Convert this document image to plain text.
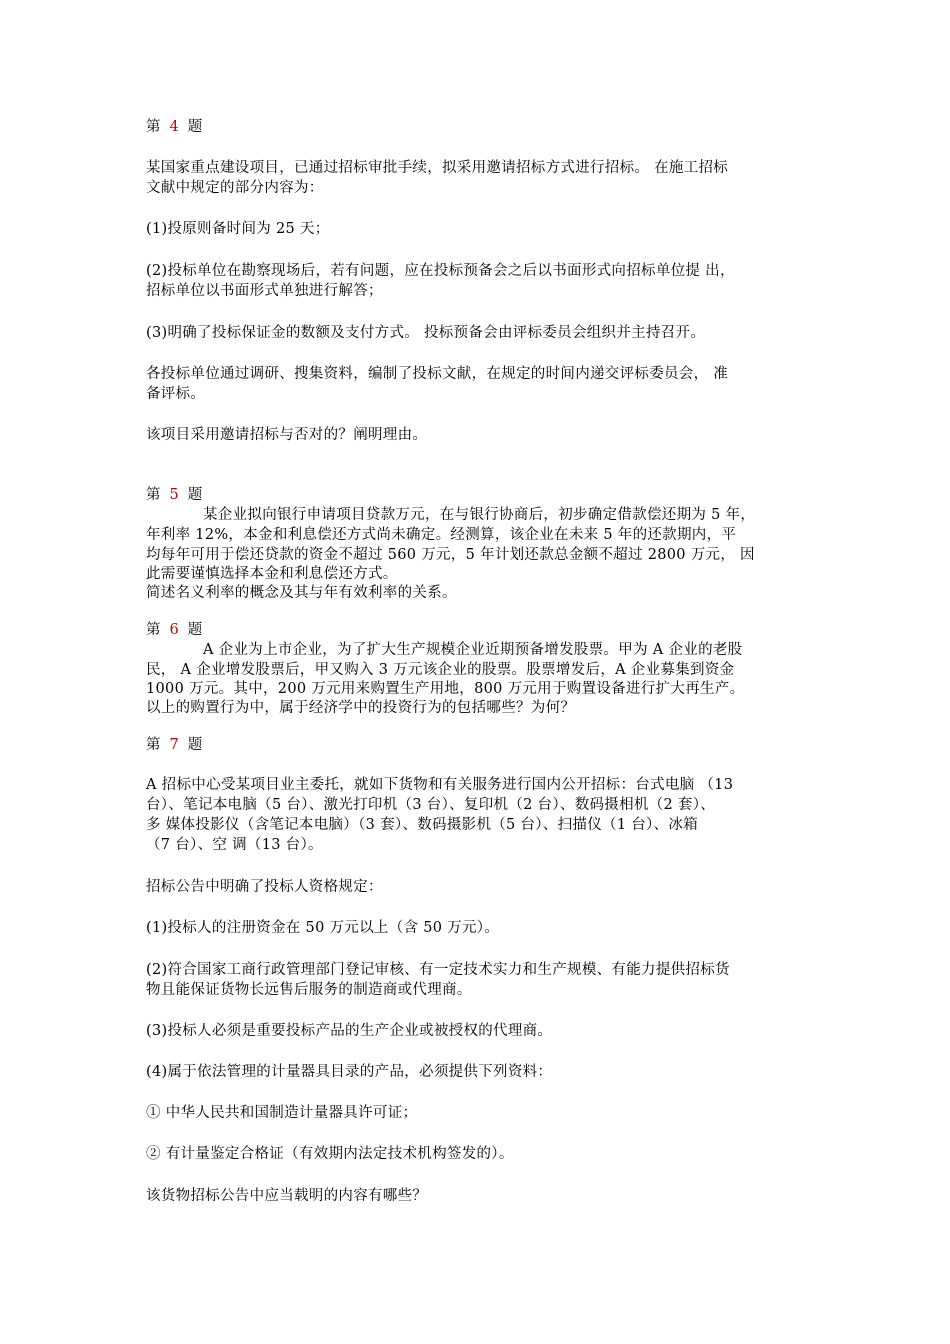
第 4 题
某国家重点建设项目，已通过招标审批手续，拟采用邀请招标方式进行招标。 在施工招标
文献中规定的部分内容为：
(1)投原则备时间为 25 天；
(2)投标单位在勘察现场后，若有问题，应在投标预备会之后以书面形式向招标单位提 出，
招标单位以书面形式单独进行解答；
(3)明确了投标保证金的数额及支付方式。 投标预备会由评标委员会组织并主持召开。
各投标单位通过调研、搜集资料，编制了投标文献，在规定的时间内递交评标委员会， 准
备评标。
该项目采用邀请招标与否对的？阐明理由。
第 5 题
某企业拟向银行申请项目贷款万元，在与银行协商后，初步确定借款偿还期为 5 年，
年利率 12%，本金和利息偿还方式尚未确定。经测算，该企业在未来 5 年的还款期内，平
均每年可用于偿还贷款的资金不超过 560 万元，5 年计划还款总金额不超过 2800 万元， 因
此需要谨慎选择本金和利息偿还方式。
简述名义利率的概念及其与年有效利率的关系。
第 6 题
A 企业为上市企业，为了扩大生产规模企业近期预备增发股票。甲为 A 企业的老股
民， A 企业增发股票后，甲又购入 3 万元该企业的股票。股票增发后，A 企业募集到资金
1000 万元。其中，200 万元用来购置生产用地，800 万元用于购置设备进行扩大再生产。
以上的购置行为中，属于经济学中的投资行为的包括哪些？为何？
第 7 题
A 招标中心受某项目业主委托，就如下货物和有关服务进行国内公开招标：台式电脑 （13
台）、笔记本电脑（5 台）、激光打印机（3 台）、复印机（2 台）、数码摄相机（2 套）、
多 媒体投影仪（含笔记本电脑）（3 套）、数码摄影机（5 台）、扫描仪（1 台）、冰箱
（7 台）、空 调（13 台）。
招标公告中明确了投标人资格规定：
(1)投标人的注册资金在 50 万元以上（含 50 万元）。
(2)符合国家工商行政管理部门登记审核、有一定技术实力和生产规模、有能力提供招标货
物且能保证货物长远售后服务的制造商或代理商。
(3)投标人必须是重要投标产品的生产企业或被授权的代理商。
(4)属于依法管理的计量器具目录的产品，必须提供下列资料：
① 中华人民共和国制造计量器具许可证；
② 有计量鉴定合格证（有效期内法定技术机构签发的）。
该货物招标公告中应当载明的内容有哪些？
